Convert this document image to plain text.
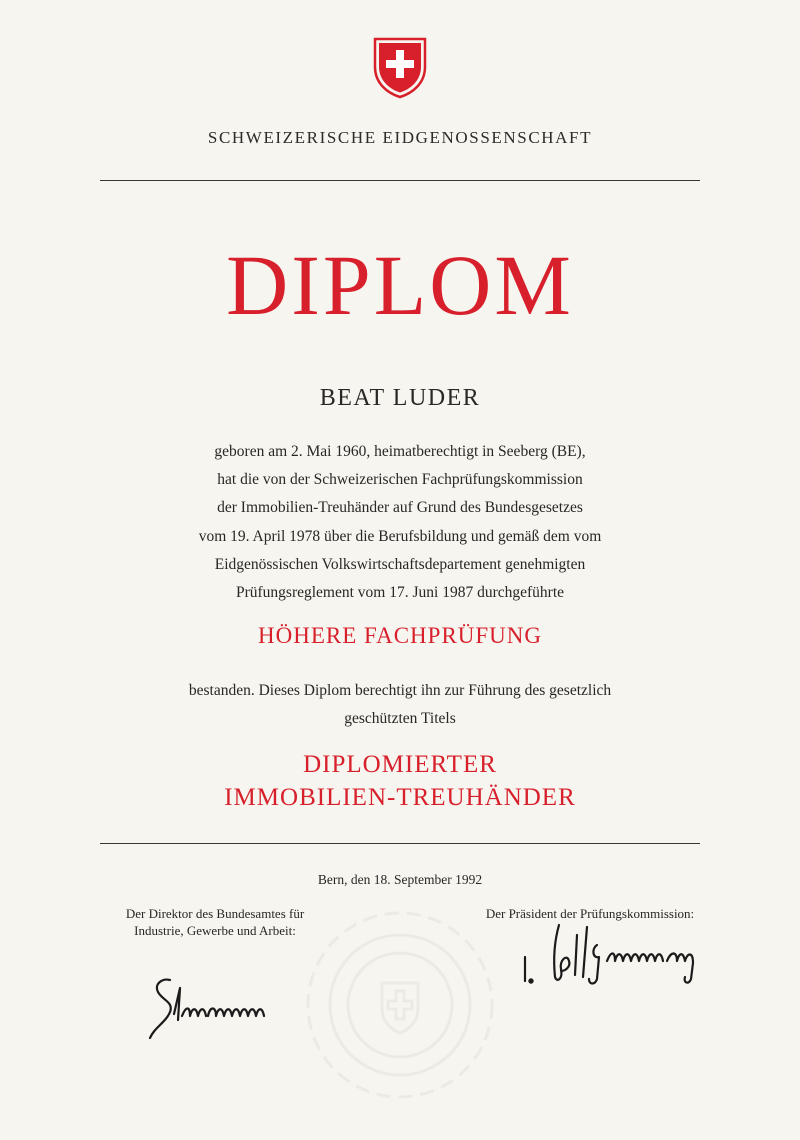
SCHWEIZERISCHE EIDGENOSSENSCHAFT
DIPLOM
BEAT LUDER
geboren am 2. Mai 1960, heimatberechtigt in Seeberg (BE),
hat die von der Schweizerischen Fachprüfungskommission
der Immobilien-Treuhänder auf Grund des Bundesgesetzes
vom 19. April 1978 über die Berufsbildung und gemäß dem vom
Eidgenössischen Volkswirtschaftsdepartement genehmigten
Prüfungsreglement vom 17. Juni 1987 durchgeführte
HÖHERE FACHPRÜFUNG
bestanden. Dieses Diplom berechtigt ihn zur Führung des gesetzlich
geschützten Titels
DIPLOMIERTER
IMMOBILIEN-TREUHÄNDER
Bern, den 18. September 1992
Der Direktor des Bundesamtes für
Industrie, Gewerbe und Arbeit:
Der Präsident der Prüfungskommission:
